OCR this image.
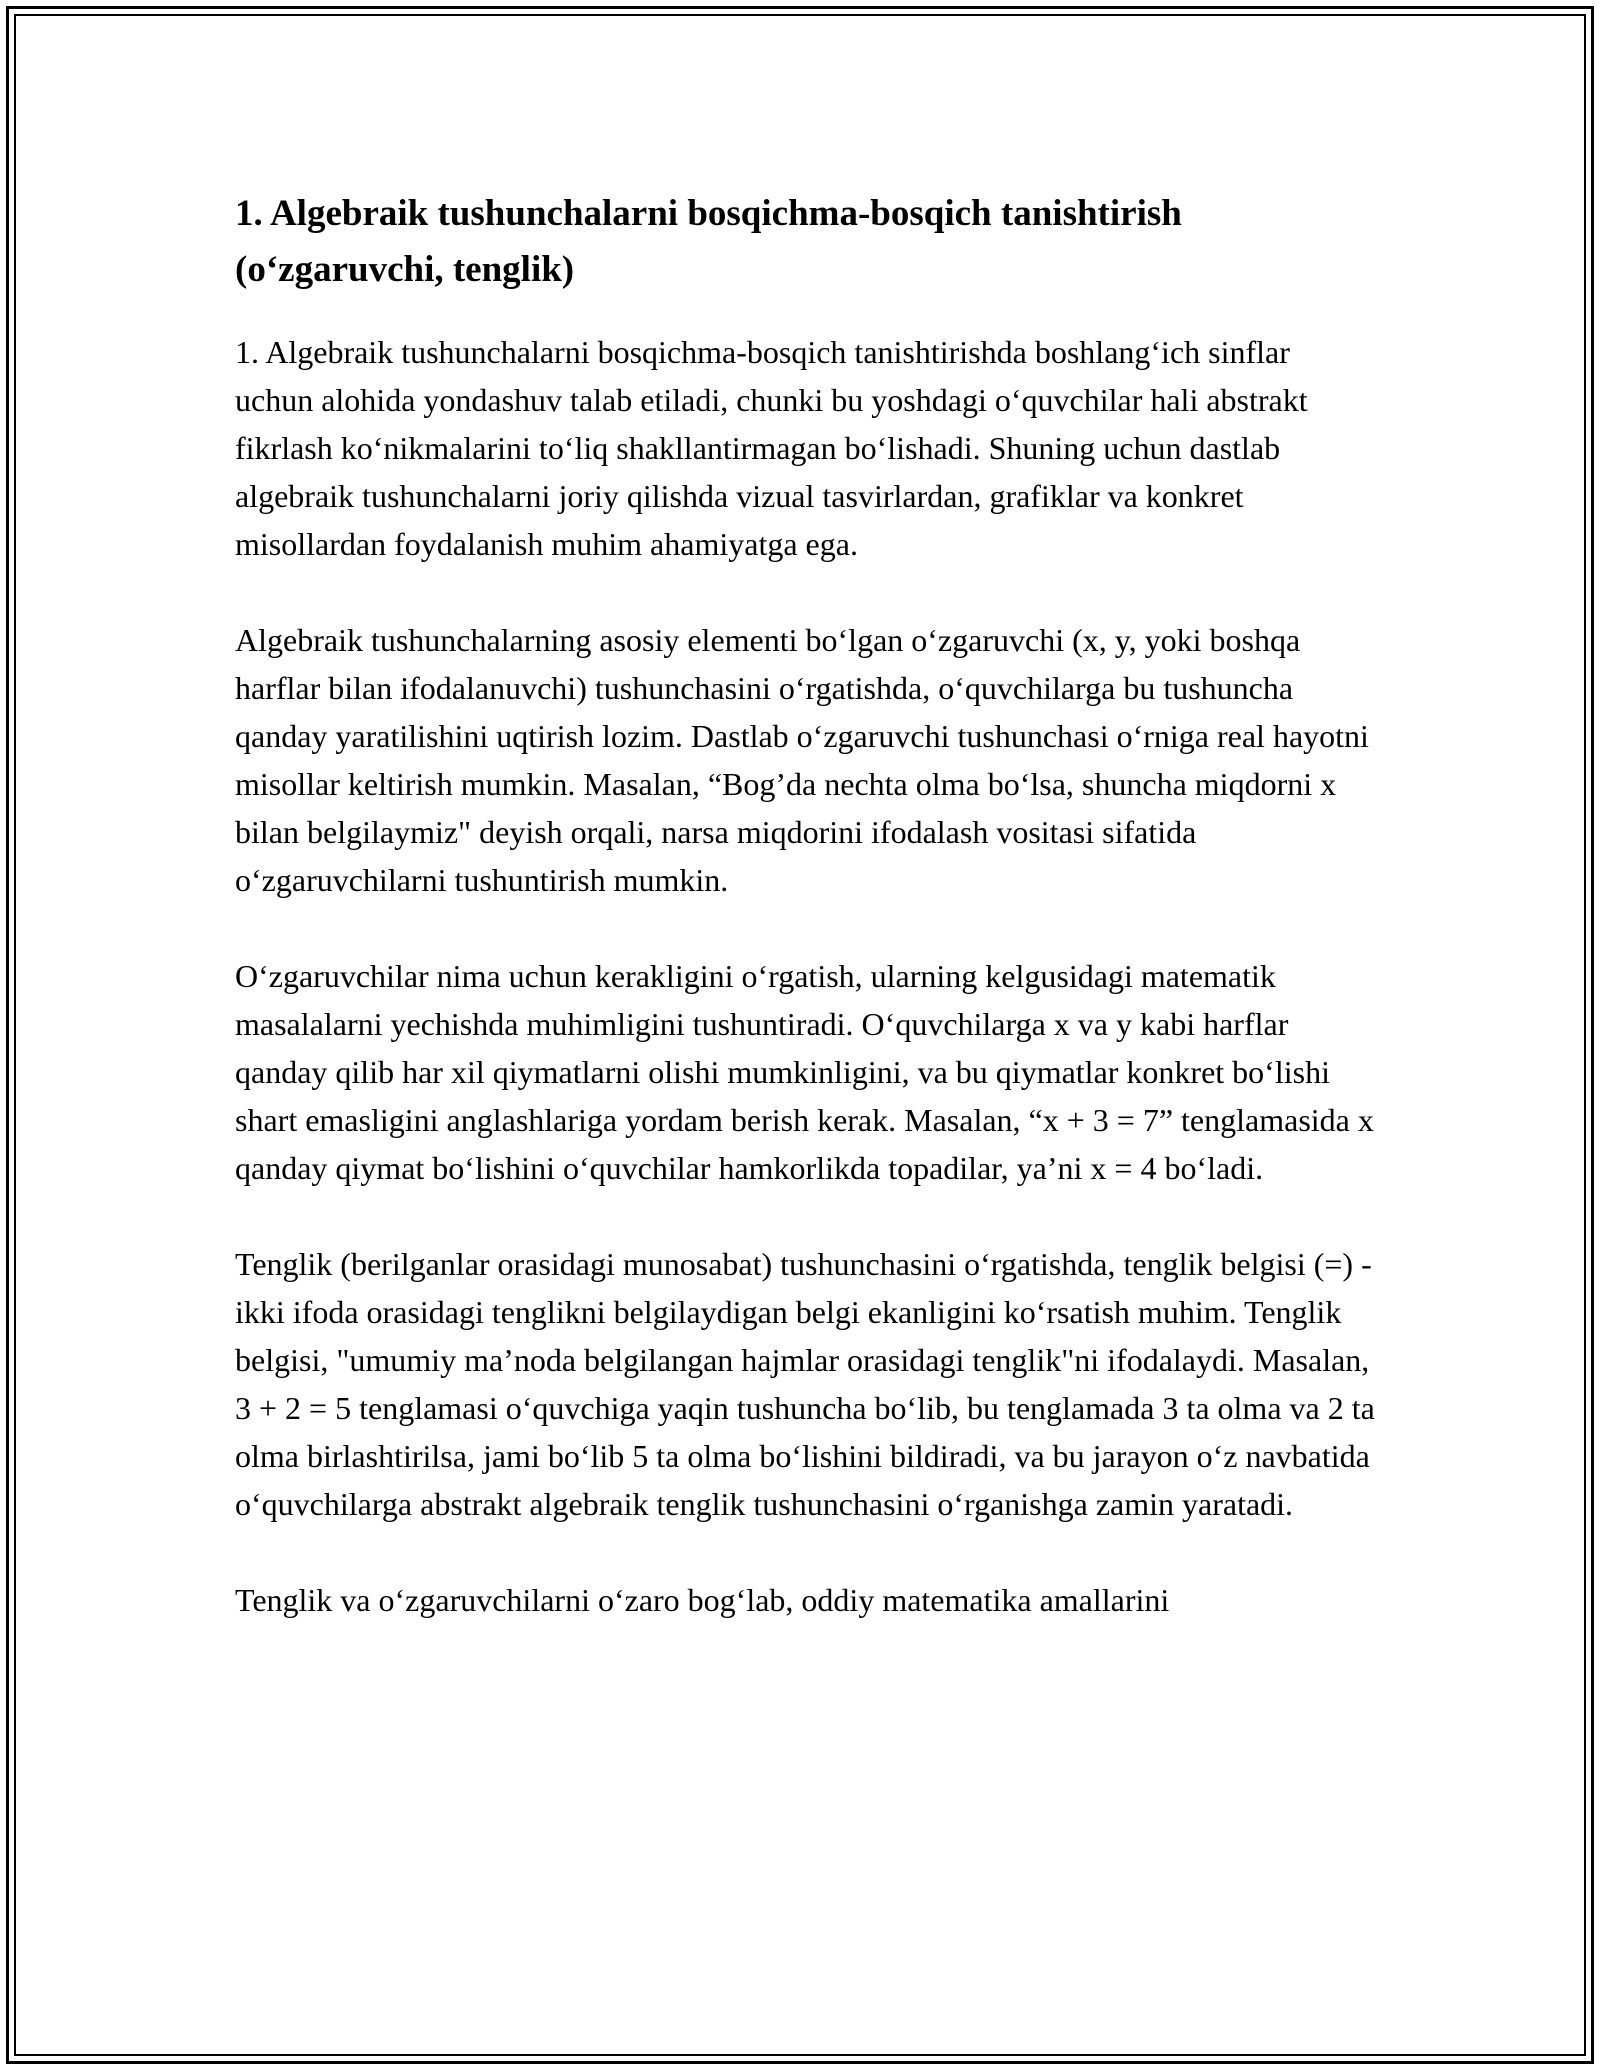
1. Algebraik tushunchalarni bosqichma-bosqich tanishtirish (o‘zgaruvchi, tenglik)

1. Algebraik tushunchalarni bosqichma-bosqich tanishtirishda boshlang‘ich sinflar uchun alohida yondashuv talab etiladi, chunki bu yoshdagi o‘quvchilar hali abstrakt fikrlash ko‘nikmalarini to‘liq shakllantirmagan bo‘lishadi. Shuning uchun dastlab algebraik tushunchalarni joriy qilishda vizual tasvirlardan, grafiklar va konkret misollardan foydalanish muhim ahamiyatga ega.

Algebraik tushunchalarning asosiy elementi bo‘lgan o‘zgaruvchi (x, y, yoki boshqa harflar bilan ifodalanuvchi) tushunchasini o‘rgatishda, o‘quvchilarga bu tushuncha qanday yaratilishini uqtirish lozim. Dastlab o‘zgaruvchi tushunchasi o‘rniga real hayotni misollar keltirish mumkin. Masalan, “Bog’da nechta olma bo‘lsa, shuncha miqdorni x bilan belgilaymiz" deyish orqali, narsa miqdorini ifodalash vositasi sifatida o‘zgaruvchilarni tushuntirish mumkin.

O‘zgaruvchilar nima uchun kerakligini o‘rgatish, ularning kelgusidagi matematik masalalarni yechishda muhimligini tushuntiradi. O‘quvchilarga x va y kabi harflar qanday qilib har xil qiymatlarni olishi mumkinligini, va bu qiymatlar konkret bo‘lishi shart emasligini anglashlariga yordam berish kerak. Masalan, “x + 3 = 7” tenglamasida x qanday qiymat bo‘lishini o‘quvchilar hamkorlikda topadilar, ya’ni x = 4 bo‘ladi.

Tenglik (berilganlar orasidagi munosabat) tushunchasini o‘rgatishda, tenglik belgisi (=) - ikki ifoda orasidagi tenglikni belgilaydigan belgi ekanligini ko‘rsatish muhim. Tenglik belgisi, "umumiy ma’noda belgilangan hajmlar orasidagi tenglik"ni ifodalaydi. Masalan, 3 + 2 = 5 tenglamasi o‘quvchiga yaqin tushuncha bo‘lib, bu tenglamada 3 ta olma va 2 ta olma birlashtirilsa, jami bo‘lib 5 ta olma bo‘lishini bildiradi, va bu jarayon o‘z navbatida o‘quvchilarga abstrakt algebraik tenglik tushunchasini o‘rganishga zamin yaratadi.

Tenglik va o‘zgaruvchilarni o‘zaro bog‘lab, oddiy matematika amallarini
